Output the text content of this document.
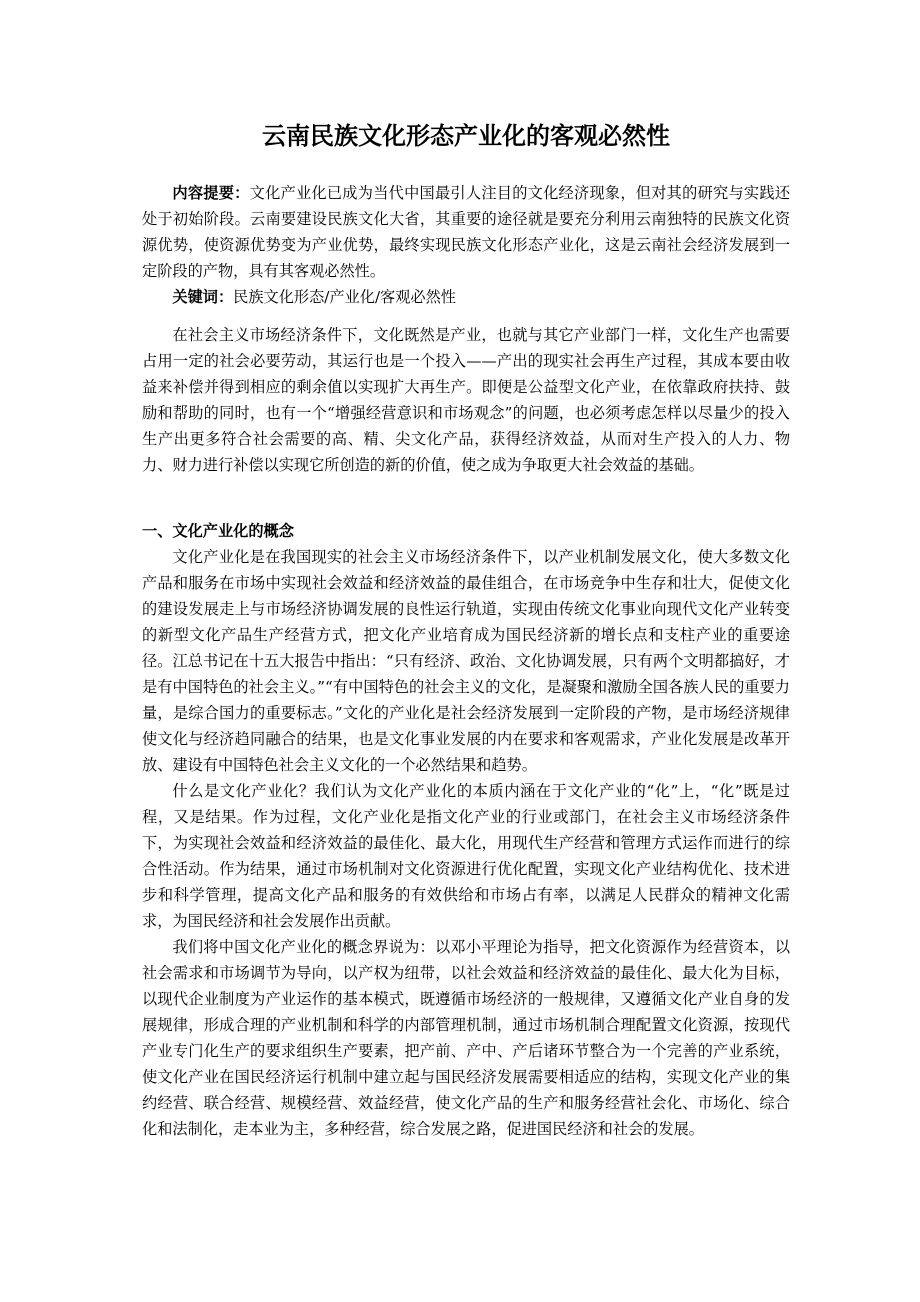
云南民族文化形态产业化的客观必然性

内容提要：文化产业化已成为当代中国最引人注目的文化经济现象，但对其的研究与实践还处于初始阶段。云南要建设民族文化大省，其重要的途径就是要充分利用云南独特的民族文化资源优势，使资源优势变为产业优势，最终实现民族文化形态产业化，这是云南社会经济发展到一定阶段的产物，具有其客观必然性。

关键词：民族文化形态/产业化/客观必然性

在社会主义市场经济条件下，文化既然是产业，也就与其它产业部门一样，文化生产也需要占用一定的社会必要劳动，其运行也是一个投入——产出的现实社会再生产过程，其成本要由收益来补偿并得到相应的剩余值以实现扩大再生产。即便是公益型文化产业，在依靠政府扶持、鼓励和帮助的同时，也有一个“增强经营意识和市场观念”的问题，也必须考虑怎样以尽量少的投入生产出更多符合社会需要的高、精、尖文化产品，获得经济效益，从而对生产投入的人力、物力、财力进行补偿以实现它所创造的新的价值，使之成为争取更大社会效益的基础。

一、文化产业化的概念

文化产业化是在我国现实的社会主义市场经济条件下，以产业机制发展文化，使大多数文化产品和服务在市场中实现社会效益和经济效益的最佳组合，在市场竞争中生存和壮大，促使文化的建设发展走上与市场经济协调发展的良性运行轨道，实现由传统文化事业向现代文化产业转变的新型文化产品生产经营方式，把文化产业培育成为国民经济新的增长点和支柱产业的重要途径。江总书记在十五大报告中指出：“只有经济、政治、文化协调发展，只有两个文明都搞好，才是有中国特色的社会主义。”“有中国特色的社会主义的文化，是凝聚和激励全国各族人民的重要力量，是综合国力的重要标志。”文化的产业化是社会经济发展到一定阶段的产物，是市场经济规律使文化与经济趋同融合的结果，也是文化事业发展的内在要求和客观需求，产业化发展是改革开放、建设有中国特色社会主义文化的一个必然结果和趋势。

什么是文化产业化？我们认为文化产业化的本质内涵在于文化产业的“化”上，“化”既是过程，又是结果。作为过程，文化产业化是指文化产业的行业或部门，在社会主义市场经济条件下，为实现社会效益和经济效益的最佳化、最大化，用现代生产经营和管理方式运作而进行的综合性活动。作为结果，通过市场机制对文化资源进行优化配置，实现文化产业结构优化、技术进步和科学管理，提高文化产品和服务的有效供给和市场占有率，以满足人民群众的精神文化需求，为国民经济和社会发展作出贡献。

我们将中国文化产业化的概念界说为：以邓小平理论为指导，把文化资源作为经营资本，以社会需求和市场调节为导向，以产权为纽带，以社会效益和经济效益的最佳化、最大化为目标，以现代企业制度为产业运作的基本模式，既遵循市场经济的一般规律，又遵循文化产业自身的发展规律，形成合理的产业机制和科学的内部管理机制，通过市场机制合理配置文化资源，按现代产业专门化生产的要求组织生产要素，把产前、产中、产后诸环节整合为一个完善的产业系统，使文化产业在国民经济运行机制中建立起与国民经济发展需要相适应的结构，实现文化产业的集约经营、联合经营、规模经营、效益经营，使文化产品的生产和服务经营社会化、市场化、综合化和法制化，走本业为主，多种经营，综合发展之路，促进国民经济和社会的发展。
